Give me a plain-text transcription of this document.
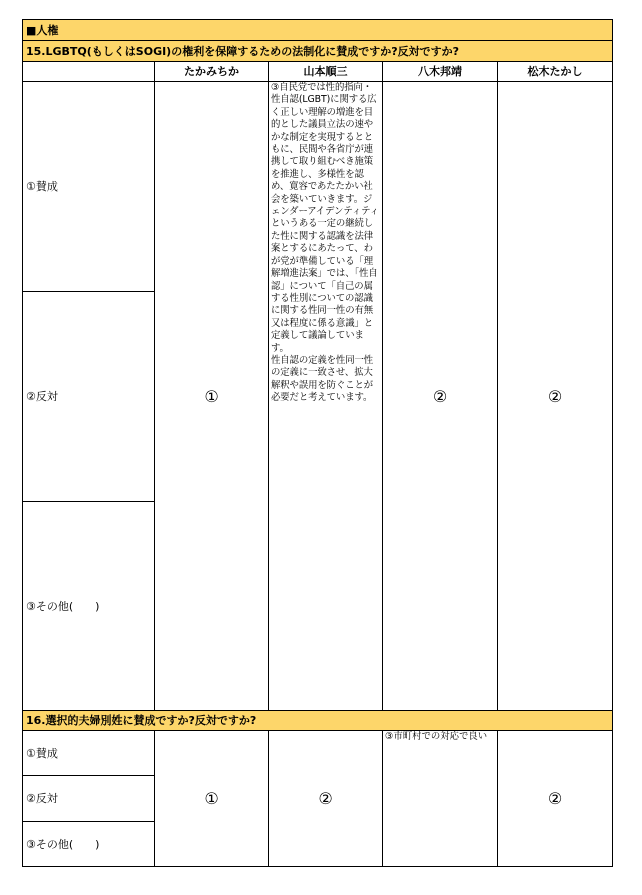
■人権				
15.LGBTQ(もしくはSOGI)の権利を保障するための法制化に賛成ですか?反対ですか?				
	たかみちか	山本順三	八木邦靖	松木たかし
①賛成	①	③自民党では性的指向・性自認(LGBT)に関する広く正しい理解の増進を目的とした議員立法の速やかな制定を実現するとともに、民間や各省庁が連携して取り組むべき施策を推進し、多様性を認め、寛容であたたかい社会を築いていきます。ジェンダーアイデンティティというある一定の継続した性に関する認識を法律案とするにあたって、わが党が準備している「理解増進法案」では、「性自認」について「自己の属する性別についての認識に関する性同一性の有無又は程度に係る意識」と定義して議論しています。
性自認の定義を性同一性の定義に一致させ、拡大解釈や誤用を防ぐことが必要だと考えています。	②	②
②反対				
③その他(　　)				
16.選択的夫婦別姓に賛成ですか?反対ですか?				
①賛成	①	②	③市町村での対応で良い	②
②反対				
③その他(　　)				
